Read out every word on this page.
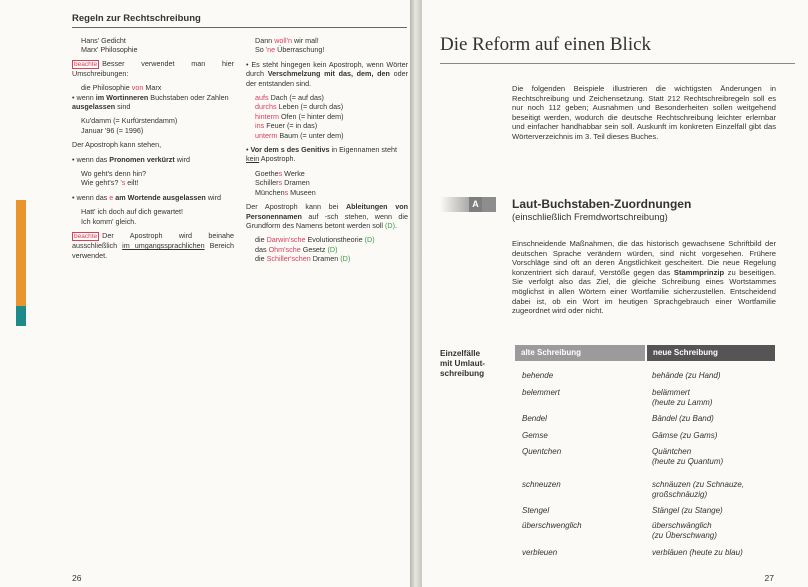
Regeln zur Rechtschreibung

Hans' Gedicht

Marx' Philosophie

beachte Besser verwendet man hier Umschreibungen:

die Philosophie von Marx

• wenn im Wortinneren Buchstaben oder Zahlen ausgelassen sind

Ku'damm (= Kurfürstendamm)

Januar '96 (= 1996)

Der Apostroph kann stehen,

• wenn das Pronomen verkürzt wird

Wo geht's denn hin?

Wie geht's? 's eilt!

• wenn das e am Wortende ausgelassen wird

Hatt' ich doch auf dich gewartet!

Ich komm' gleich.

beachte Der Apostroph wird beinahe ausschließlich im umgangssprachlichen Bereich verwendet.

Dann woll'n wir mal!

So 'ne Überraschung!

• Es steht hingegen kein Apostroph, wenn Wörter durch Verschmelzung mit das, dem, den oder der entstanden sind.

aufs Dach (= auf das)

durchs Leben (= durch das)

hinterm Ofen (= hinter dem)

ins Feuer (= in das)

unterm Baum (= unter dem)

• Vor dem s des Genitivs in Eigennamen steht kein Apostroph.

Goethes Werke

Schillers Dramen

Münchens Museen

Der Apostroph kann bei Ableitungen von Personennamen auf -sch stehen, wenn die Grundform des Namens betont werden soll (D).

die Darwin'sche Evolutionstheorie (D)

das Ohm'sche Gesetz (D)

die Schiller'schen Dramen (D)

26
Die Reform auf einen Blick
Die folgenden Beispiele illustrieren die wichtigsten Änderungen in Rechtschreibung und Zeichensetzung. Statt 212 Rechtschreibregeln soll es nur noch 112 geben; Ausnahmen und Besonderheiten sollen weitgehend beseitigt werden, wodurch die deutsche Rechtschreibung leichter erlernbar und einfacher handhabbar sein soll. Auskunft im konkreten Einzelfall gibt das Wörterverzeichnis im 3. Teil dieses Buches.
A	Laut-Buchstaben-Zuordnungen
(einschließlich Fremdwortschreibung)
Einschneidende Maßnahmen, die das historisch gewachsene Schriftbild der deutschen Sprache verändern würden, sind nicht vorgesehen. Frühere Vorschläge sind oft an deren Ängstlichkeit gescheitert. Die neue Regelung konzentriert sich darauf, Verstöße gegen das Stammprinzip zu beseitigen. Sie verfolgt also das Ziel, die gleiche Schreibung eines Wortstammes möglichst in allen Wörtern einer Wortfamilie sicherzustellen. Entscheidend dabei ist, ob ein Wort im heutigen Sprachgebrauch einer Wortfamilie zugeordnet wird oder nicht.
Einzelfälle
mit Umlaut-
schreibung
alte Schreibung	neue Schreibung
behende	behände (zu Hand)
belemmert	belämmert
(heute zu Lamm)
Bendel	Bändel (zu Band)
Gemse	Gämse (zu Gams)
Quentchen	Quäntchen
(heute zu Quantum)
schneuzen	schnäuzen (zu Schnauze,
großschnäuzig)
Stengel	Stängel (zu Stange)
überschwenglich	überschwänglich
(zu Überschwang)
verbleuen	verbläuen (heute zu blau)
27
